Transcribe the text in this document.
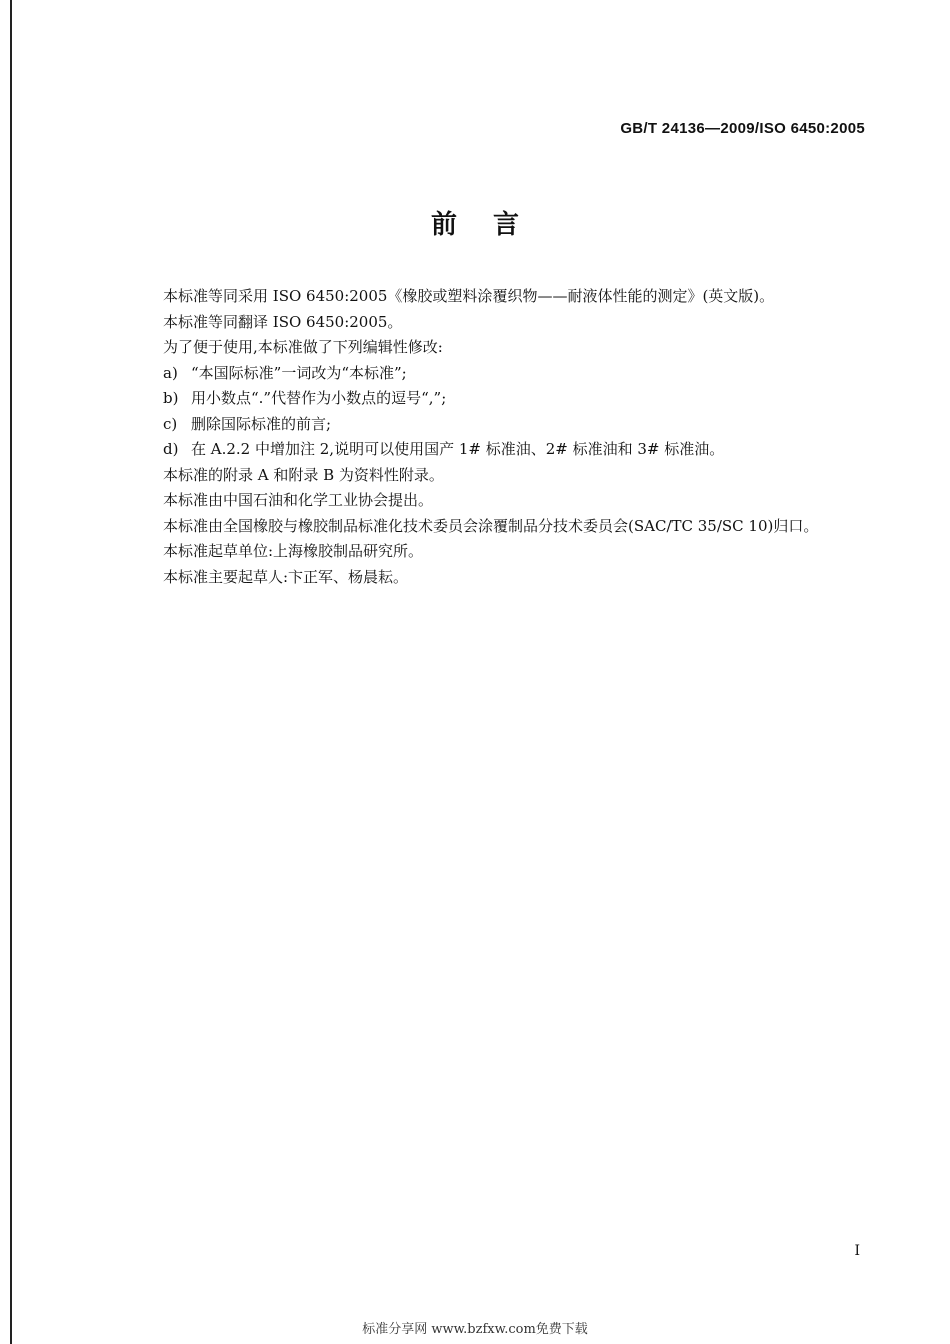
GB/T 24136—2009/ISO 6450:2005
前言

本标准等同采用 ISO 6450:2005《橡胶或塑料涂覆织物——耐液体性能的测定》(英文版)。

本标准等同翻译 ISO 6450:2005。

为了便于使用,本标准做了下列编辑性修改:

a) “本国际标准”一词改为“本标准”;

b) 用小数点“.”代替作为小数点的逗号“,”;

c) 删除国际标准的前言;

d) 在 A.2.2 中增加注 2,说明可以使用国产 1# 标准油、2# 标准油和 3# 标准油。

本标准的附录 A 和附录 B 为资料性附录。

本标准由中国石油和化学工业协会提出。

本标准由全国橡胶与橡胶制品标准化技术委员会涂覆制品分技术委员会(SAC/TC 35/SC 10)归口。

本标准起草单位:上海橡胶制品研究所。

本标准主要起草人:卞正军、杨晨耘。

I
标准分享网 www.bzfxw.com免费下载
